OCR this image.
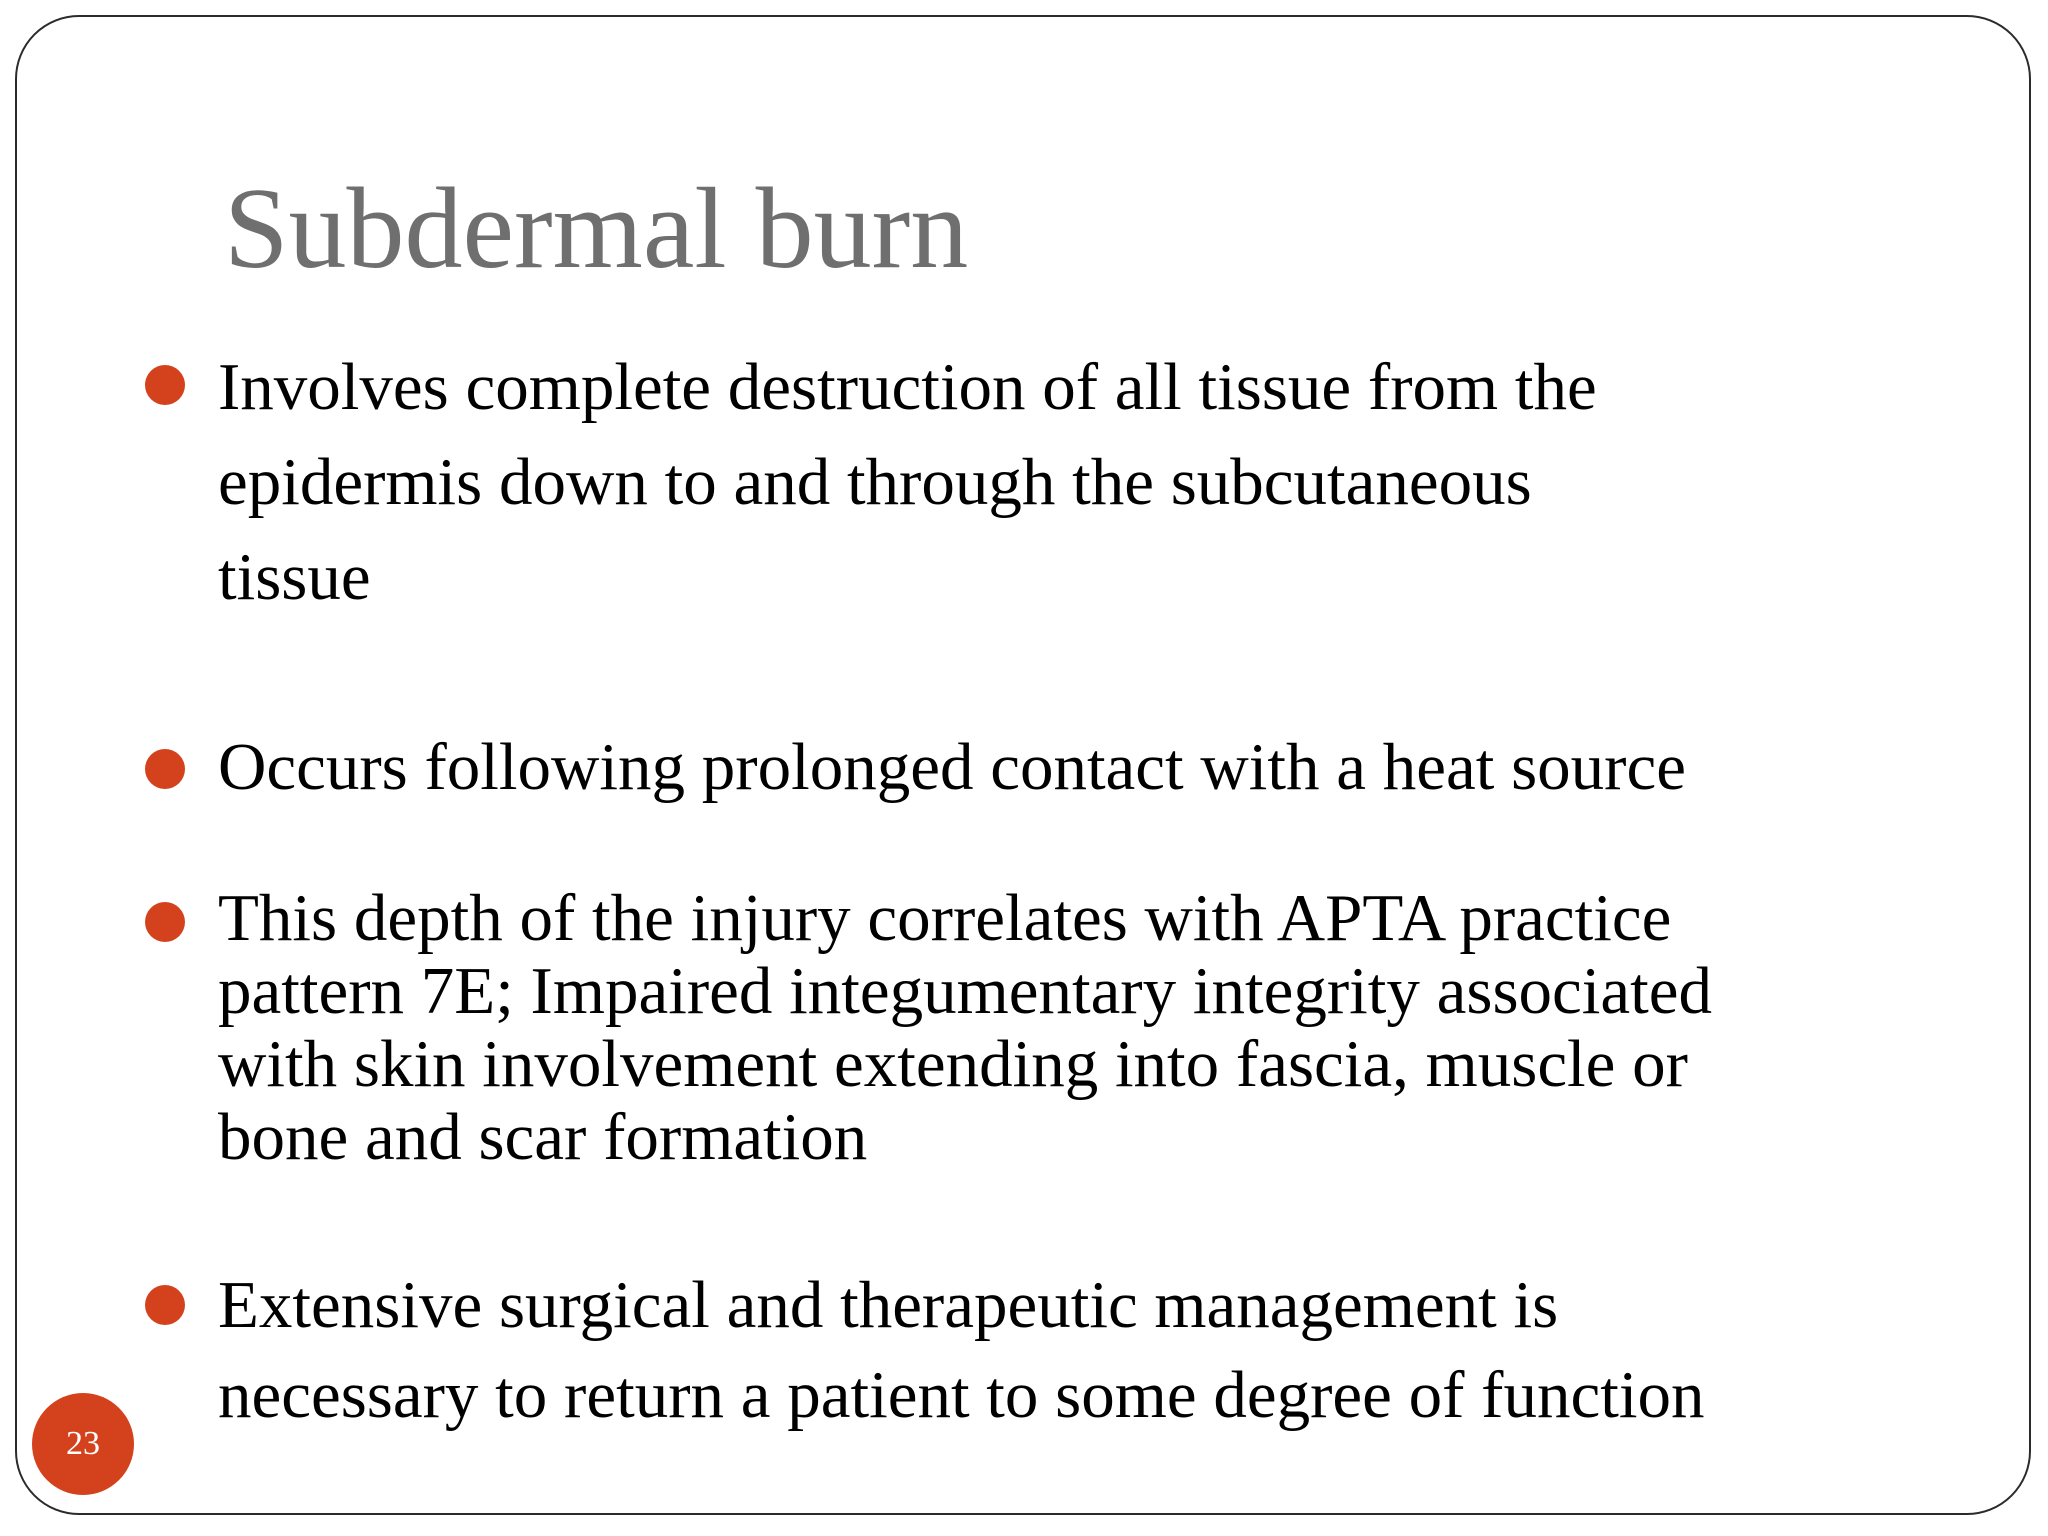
Subdermal burn
Involves complete destruction of all tissue from the
epidermis down to and through the subcutaneous
tissue
Occurs following prolonged contact with a heat source
This depth of the injury correlates with APTA practice
pattern 7E; Impaired integumentary integrity associated
with skin involvement extending into fascia, muscle or
bone and scar formation
Extensive surgical and therapeutic management is
necessary to return a patient to some degree of function
23
